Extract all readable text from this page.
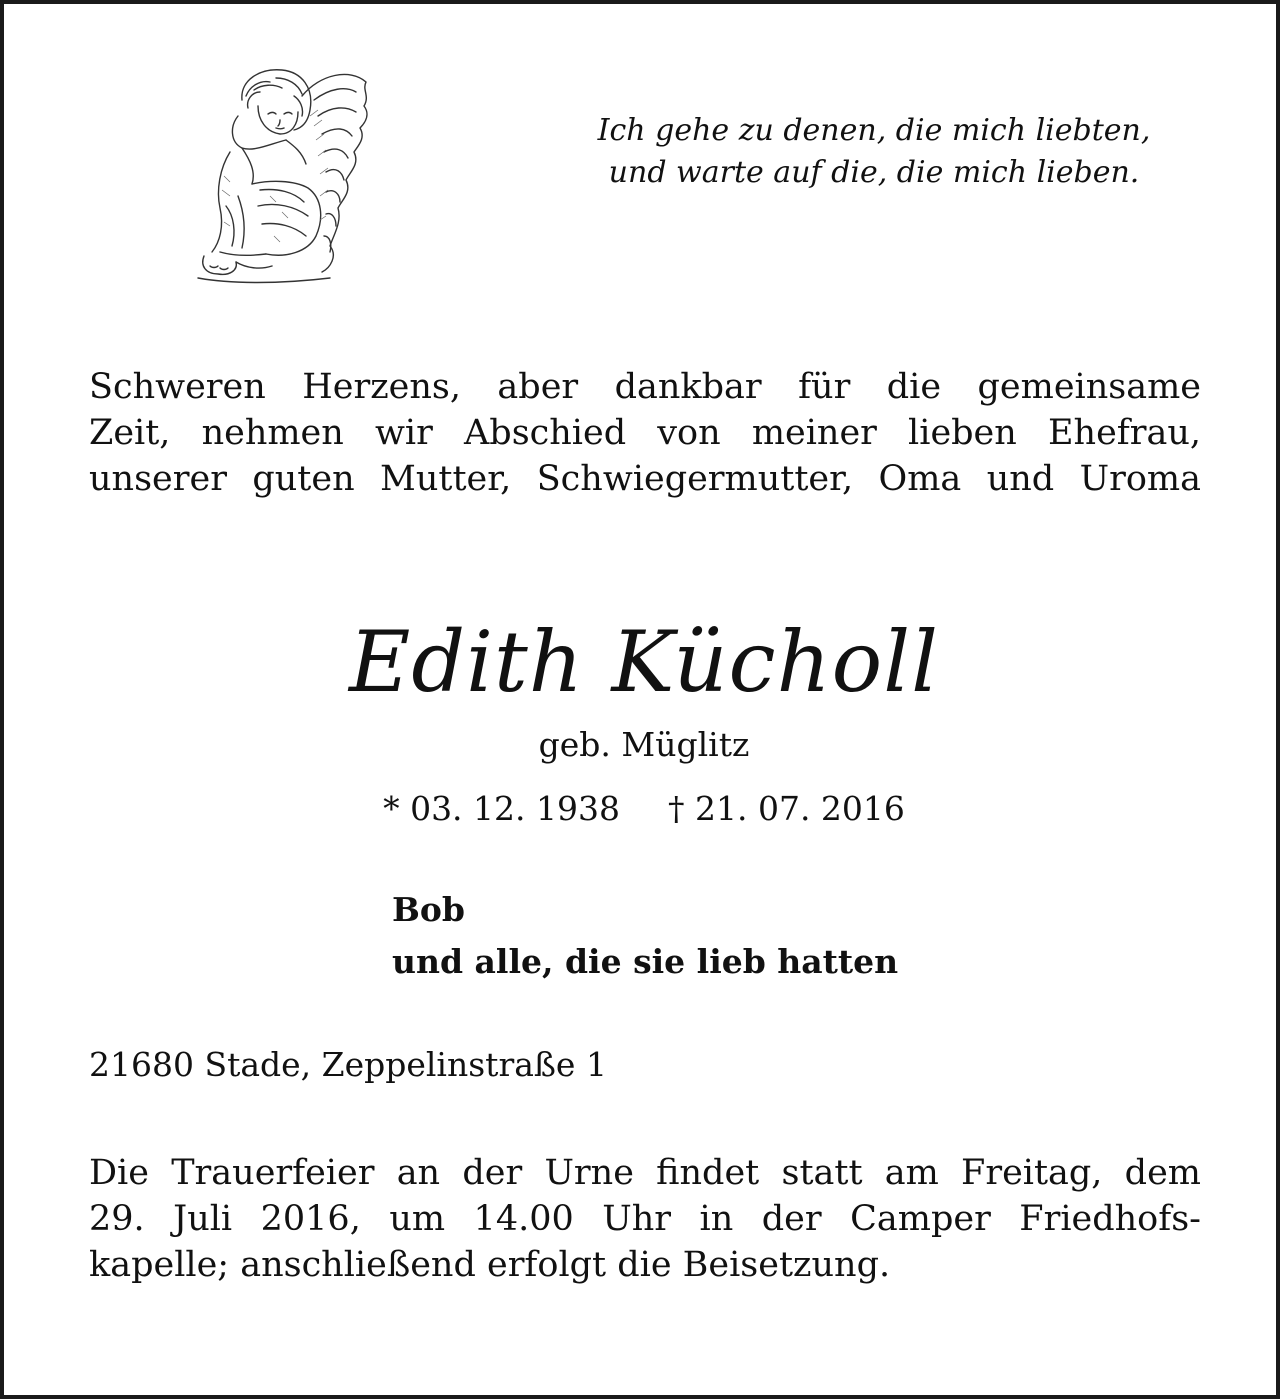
Ich gehe zu denen, die mich liebten,
und warte auf die, die mich lieben.
Schweren Herzens, aber dankbar für die gemeinsame
Zeit, nehmen wir Abschied von meiner lieben Ehefrau,
unserer guten Mutter, Schwiegermutter, Oma und Uroma
Edith Kücholl
geb. Müglitz
* 03. 12. 1938 † 21. 07. 2016
Bob
und alle, die sie lieb hatten
21680 Stade, Zeppelinstraße 1
Die Trauerfeier an der Urne findet statt am Freitag, dem
29. Juli 2016, um 14.00 Uhr in der Camper Friedhofs-
kapelle; anschließend erfolgt die Beisetzung.
